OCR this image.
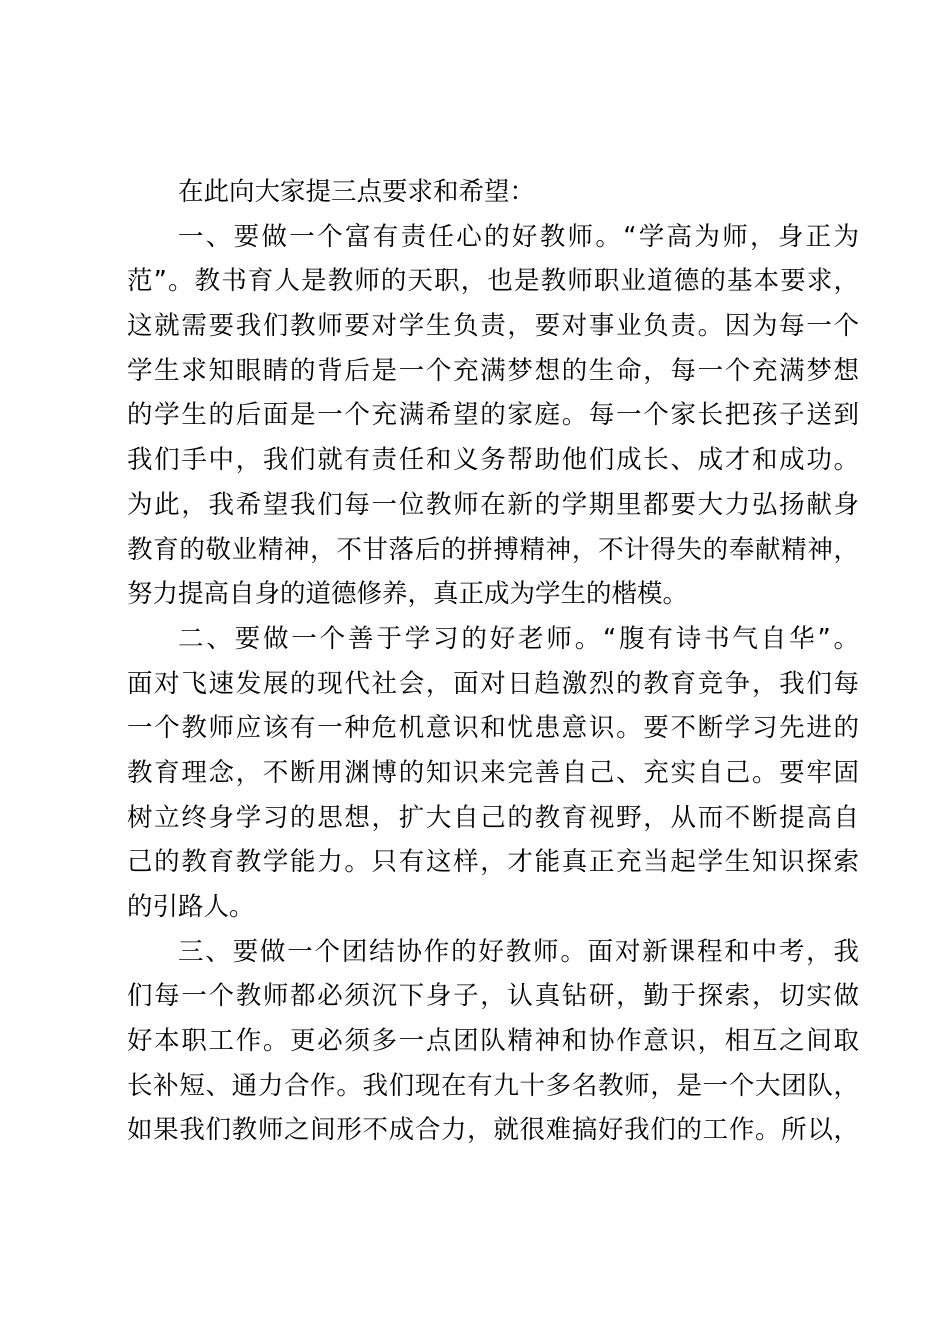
在此向大家提三点要求和希望：
一、要做一个富有责任心的好教师。“学高为师，身正为
范”。教书育人是教师的天职，也是教师职业道德的基本要求，
这就需要我们教师要对学生负责，要对事业负责。因为每一个
学生求知眼睛的背后是一个充满梦想的生命，每一个充满梦想
的学生的后面是一个充满希望的家庭。每一个家长把孩子送到
我们手中，我们就有责任和义务帮助他们成长、成才和成功。
为此，我希望我们每一位教师在新的学期里都要大力弘扬献身
教育的敬业精神，不甘落后的拼搏精神，不计得失的奉献精神，
努力提高自身的道德修养，真正成为学生的楷模。
二、要做一个善于学习的好老师。“腹有诗书气自华”。
面对飞速发展的现代社会，面对日趋激烈的教育竞争，我们每
一个教师应该有一种危机意识和忧患意识。要不断学习先进的
教育理念，不断用渊博的知识来完善自己、充实自己。要牢固
树立终身学习的思想，扩大自己的教育视野，从而不断提高自
己的教育教学能力。只有这样，才能真正充当起学生知识探索
的引路人。
三、要做一个团结协作的好教师。面对新课程和中考，我
们每一个教师都必须沉下身子，认真钻研，勤于探索，切实做
好本职工作。更必须多一点团队精神和协作意识，相互之间取
长补短、通力合作。我们现在有九十多名教师，是一个大团队，
如果我们教师之间形不成合力，就很难搞好我们的工作。所以，
